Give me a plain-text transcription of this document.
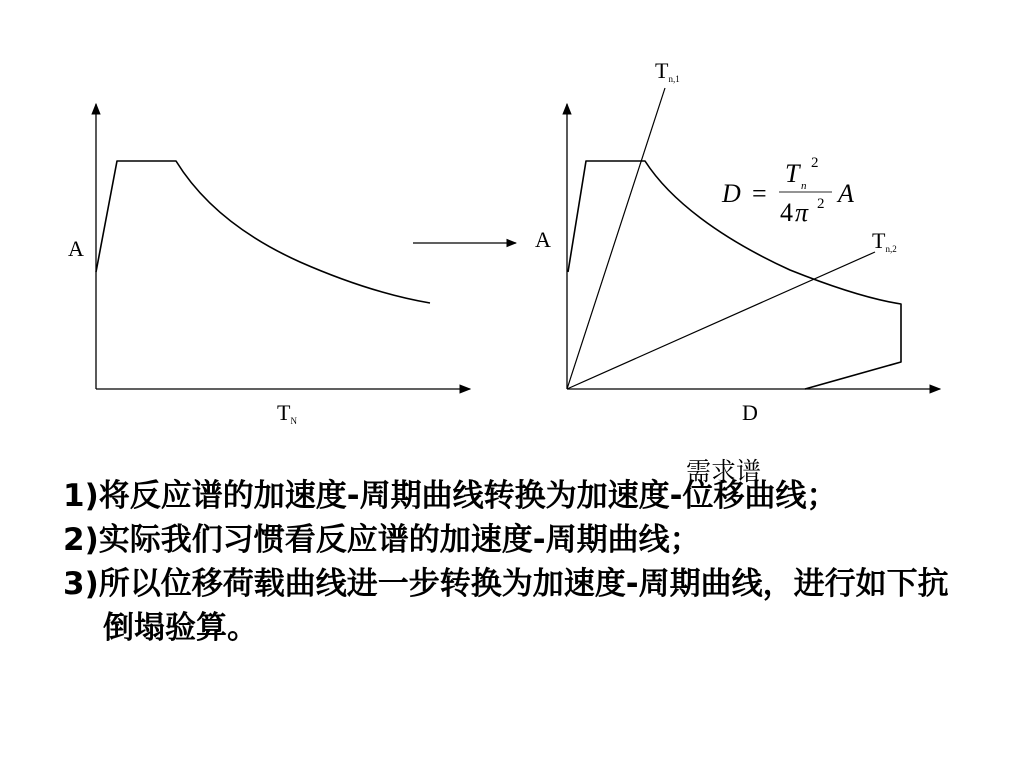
A
TN
A
D
Tn,1
Tn,2
D =
T n
2
4 π 2 A
需求谱

1)将反应谱的加速度-周期曲线转换为加速度-位移曲线；

2)实际我们习惯看反应谱的加速度-周期曲线；

3)所以位移荷载曲线进一步转换为加速度-周期曲线，进行如下抗倒塌验算。
